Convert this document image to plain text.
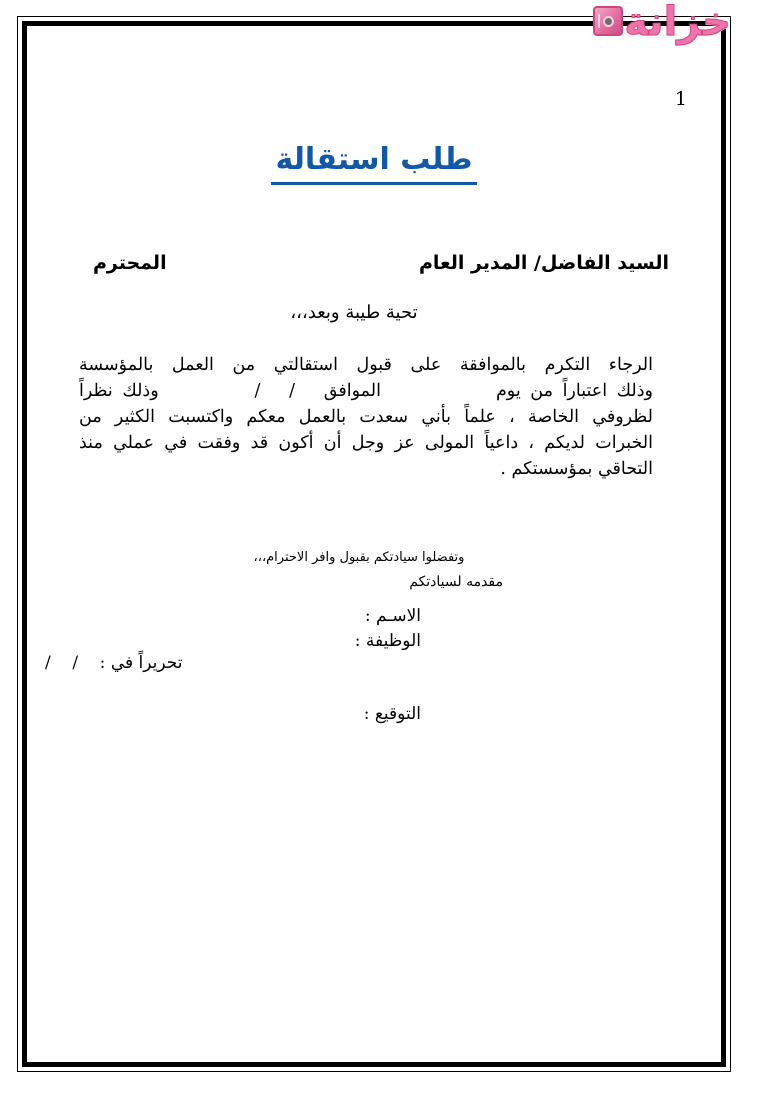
خزانة
1
طلب استقالة
السيد الفاضل/ المدير العام
المحترم
تحية طيبة وبعد،،،
الرجاء التكرم بالموافقة على قبول استقالتي من العمل بالمؤسسة
وذلك اعتباراً من يوم            الموافق   /   /          وذلك نظراً
لظروفي الخاصة ، علماً بأني سعدت بالعمل معكم واكتسبت الكثير من
الخبرات لديكم ، داعياً المولى عز وجل أن أكون قد وفقت في عملي منذ
التحاقي بمؤسستكم .
وتفضلوا سيادتكم بقبول وافر الاحترام،،،
مقدمه لسيادتكم
الاسـم :
الوظيفة :
تحريراً في :    /    /
التوقيع :
